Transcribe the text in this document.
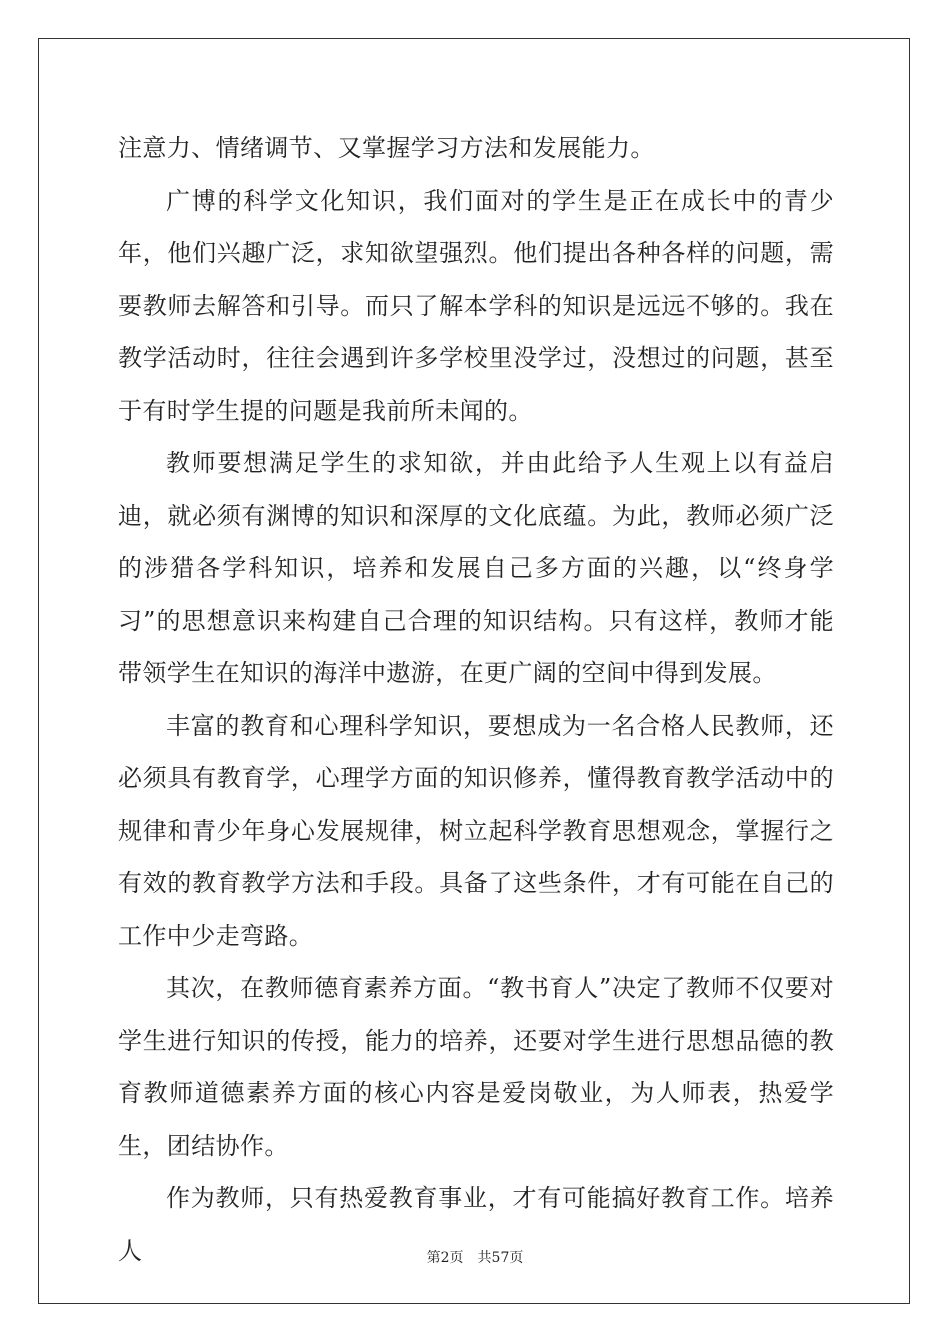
注意力、情绪调节、又掌握学习方法和发展能力。

广博的科学文化知识，我们面对的学生是正在成长中的青少年，他们兴趣广泛，求知欲望强烈。他们提出各种各样的问题，需要教师去解答和引导。而只了解本学科的知识是远远不够的。我在教学活动时，往往会遇到许多学校里没学过，没想过的问题，甚至于有时学生提的问题是我前所未闻的。

教师要想满足学生的求知欲，并由此给予人生观上以有益启迪，就必须有渊博的知识和深厚的文化底蕴。为此，教师必须广泛的涉猎各学科知识，培养和发展自己多方面的兴趣，以“终身学习”的思想意识来构建自己合理的知识结构。只有这样，教师才能带领学生在知识的海洋中遨游，在更广阔的空间中得到发展。

丰富的教育和心理科学知识，要想成为一名合格人民教师，还必须具有教育学，心理学方面的知识修养，懂得教育教学活动中的规律和青少年身心发展规律，树立起科学教育思想观念，掌握行之有效的教育教学方法和手段。具备了这些条件，才有可能在自己的工作中少走弯路。

其次，在教师德育素养方面。“教书育人”决定了教师不仅要对学生进行知识的传授，能力的培养，还要对学生进行思想品德的教育教师道德素养方面的核心内容是爱岗敬业，为人师表，热爱学生，团结协作。

作为教师，只有热爱教育事业，才有可能搞好教育工作。培养人	第2页 共57页
